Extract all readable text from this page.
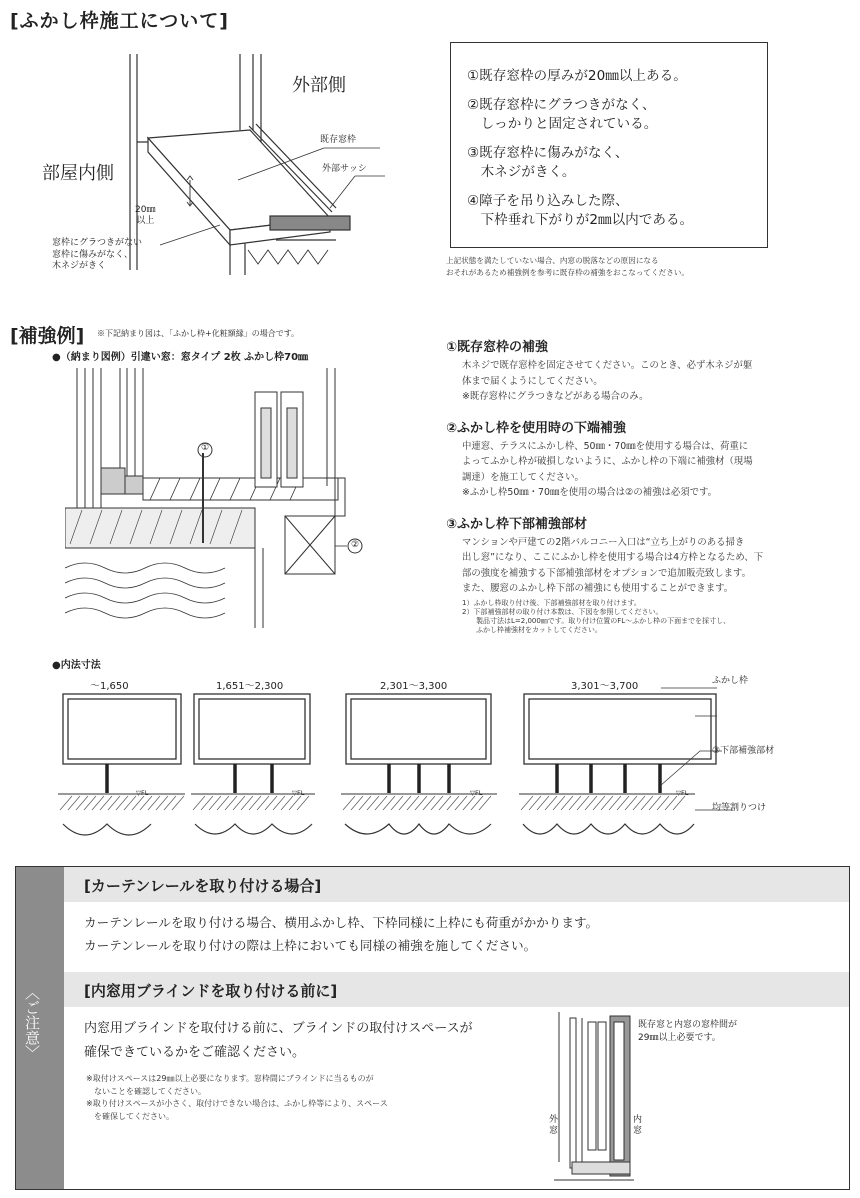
[ふかし枠施工について]
外部側
部屋内側
既存窓枠
外部サッシ
20㎜
以上
窓枠にグラつきがない
窓枠に傷みがなく、
木ネジがきく

①既存窓枠の厚みが20㎜以上ある。

②既存窓枠にグラつきがなく、
　しっかりと固定されている。

③既存窓枠に傷みがなく、
　木ネジがきく。

④障子を吊り込みした際、
　下枠垂れ下がりが2㎜以内である。

上記状態を満たしていない場合、内窓の脱落などの原因になる
おそれがあるため補強例を参考に既存枠の補強をおこなってください。
[補強例] ※下記納まり図は、「ふかし枠+化粧額縁」の場合です。
●（納まり図例）引違い窓：窓タイプ 2枚 ふかし枠70㎜
①
②
①既存窓枠の補強
木ネジで既存窓枠を固定させてください。このとき、必ず木ネジが躯
体まで届くようにしてください。
※既存窓枠にグラつきなどがある場合のみ。
②ふかし枠を使用時の下端補強
中連窓、テラスにふかし枠、50㎜・70㎜を使用する場合は、荷重に
よってふかし枠が破損しないように、ふかし枠の下端に補強材（現場
調達）を施工してください。
※ふかし枠50㎜・70㎜を使用の場合は②の補強は必須です。
③ふかし枠下部補強部材
マンションや戸建ての2階バルコニー入口は“立ち上がりのある掃き
出し窓”になり、ここにふかし枠を使用する場合は4方枠となるため、下
部の強度を補強する下部補強部材をオプションで追加販売致します。
また、腰窓のふかし枠下部の補強にも使用することができます。
1）ふかし枠取り付け後、下部補強部材を取り付けます。
2）下部補強部材の取り付け本数は、下図を参照してください。
　　製品寸法はL=2,000㎜です。取り付け位置のFL～ふかし枠の下面までを採寸し、
　　ふかし枠補強材をカットしてください。
●内法寸法
～1,650	1,651～2,300	2,301～3,300	3,301～3,700	ふかし枠
③下部補強部材
均等割りつけ
▽FL	▽FL	▽FL	▽FL
[カーテンレールを取り付ける場合]
カーテンレールを取り付ける場合、横用ふかし枠、下枠同様に上枠にも荷重がかかります。
カーテンレールを取り付けの際は上枠においても同様の補強を施してください。
[内窓用ブラインドを取り付ける前に]
内窓用ブラインドを取付ける前に、ブラインドの取付けスペースが
確保できているかをご確認ください。
※取付けスペースは29㎜以上必要になります。窓枠間にブラインドに当るものが
　ないことを確認してください。
※取り付けスペースが小さく、取付けできない場合は、ふかし枠等により、スペース
　を確保してください。
既存窓と内窓の窓枠間が
29㎜以上必要です。
外
窓
内
窓
〈ご注意〉
